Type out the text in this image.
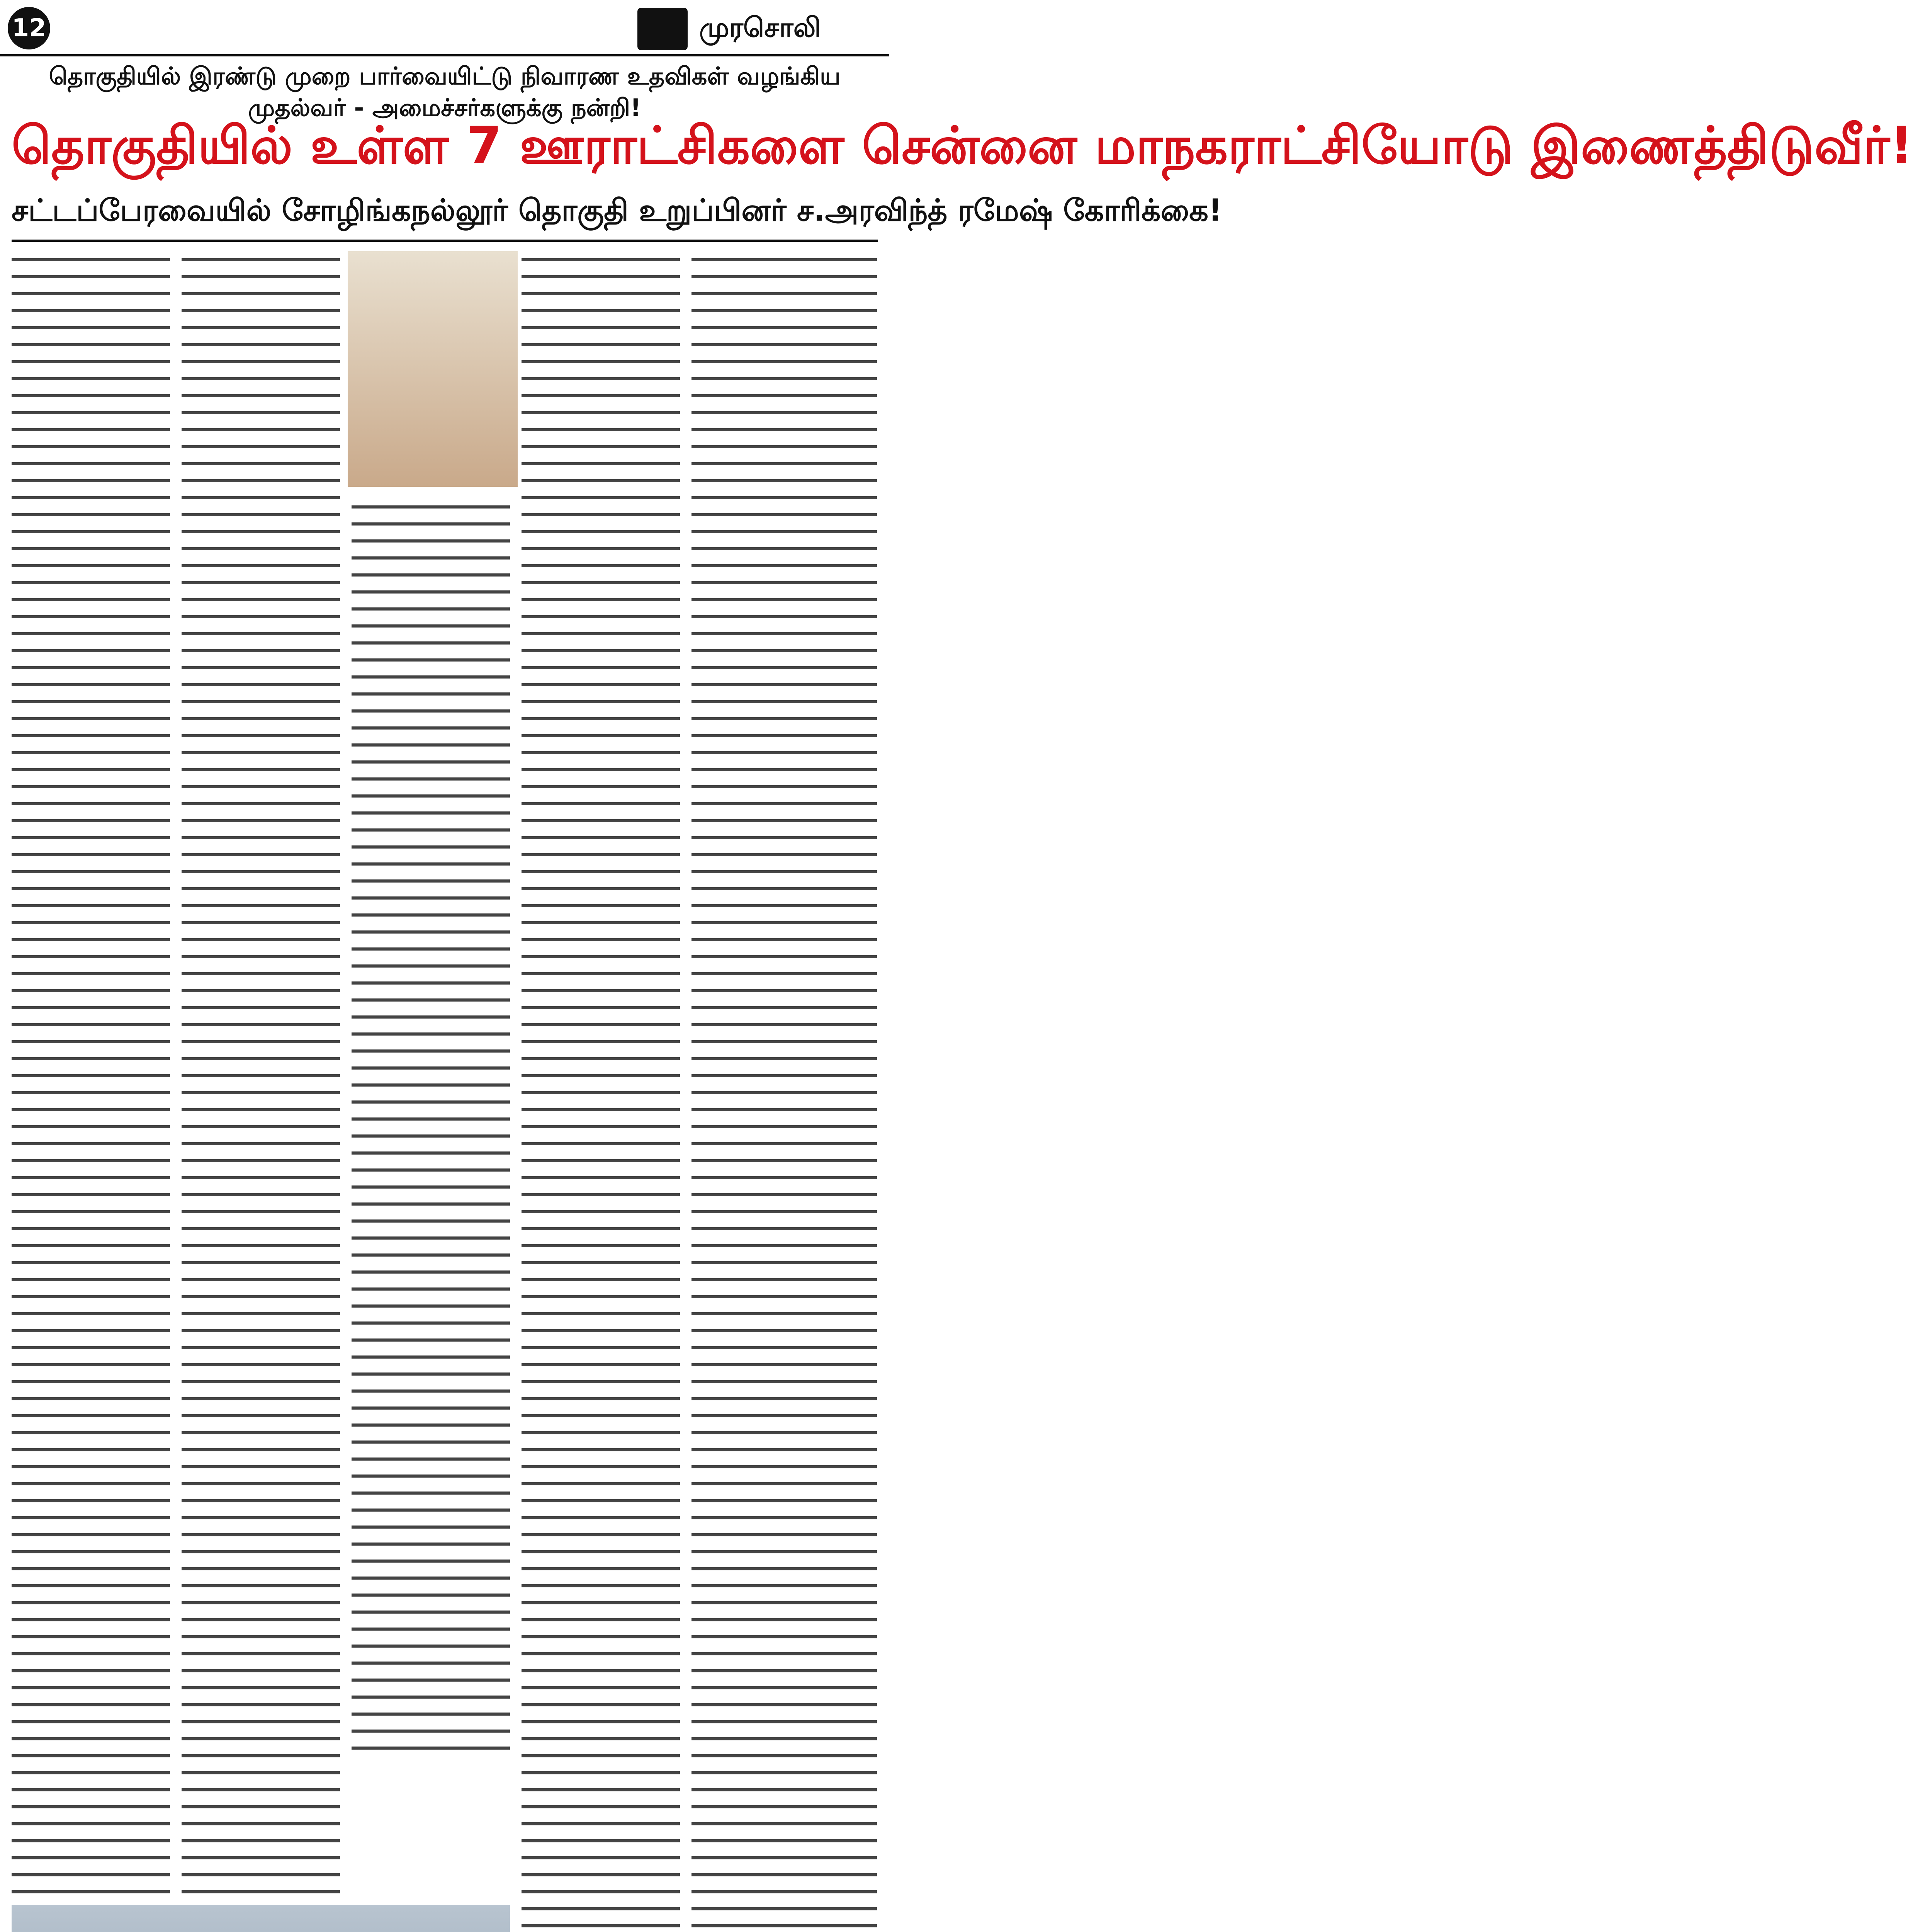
12	முரசொலி
தொகுதியில் இரண்டு முறை பார்வையிட்டு நிவாரண உதவிகள் வழங்கிய முதல்வர் - அமைச்சர்களுக்கு நன்றி!
தொகுதியில் உள்ள 7 ஊராட்சிகளை சென்னை மாநகராட்சியோடு இணைத்திடுவீர்!
சட்டப்பேரவையில் சோழிங்கநல்லூர் தொகுதி உறுப்பினர் ச.அரவிந்த் ரமேஷ் கோரிக்கை!
